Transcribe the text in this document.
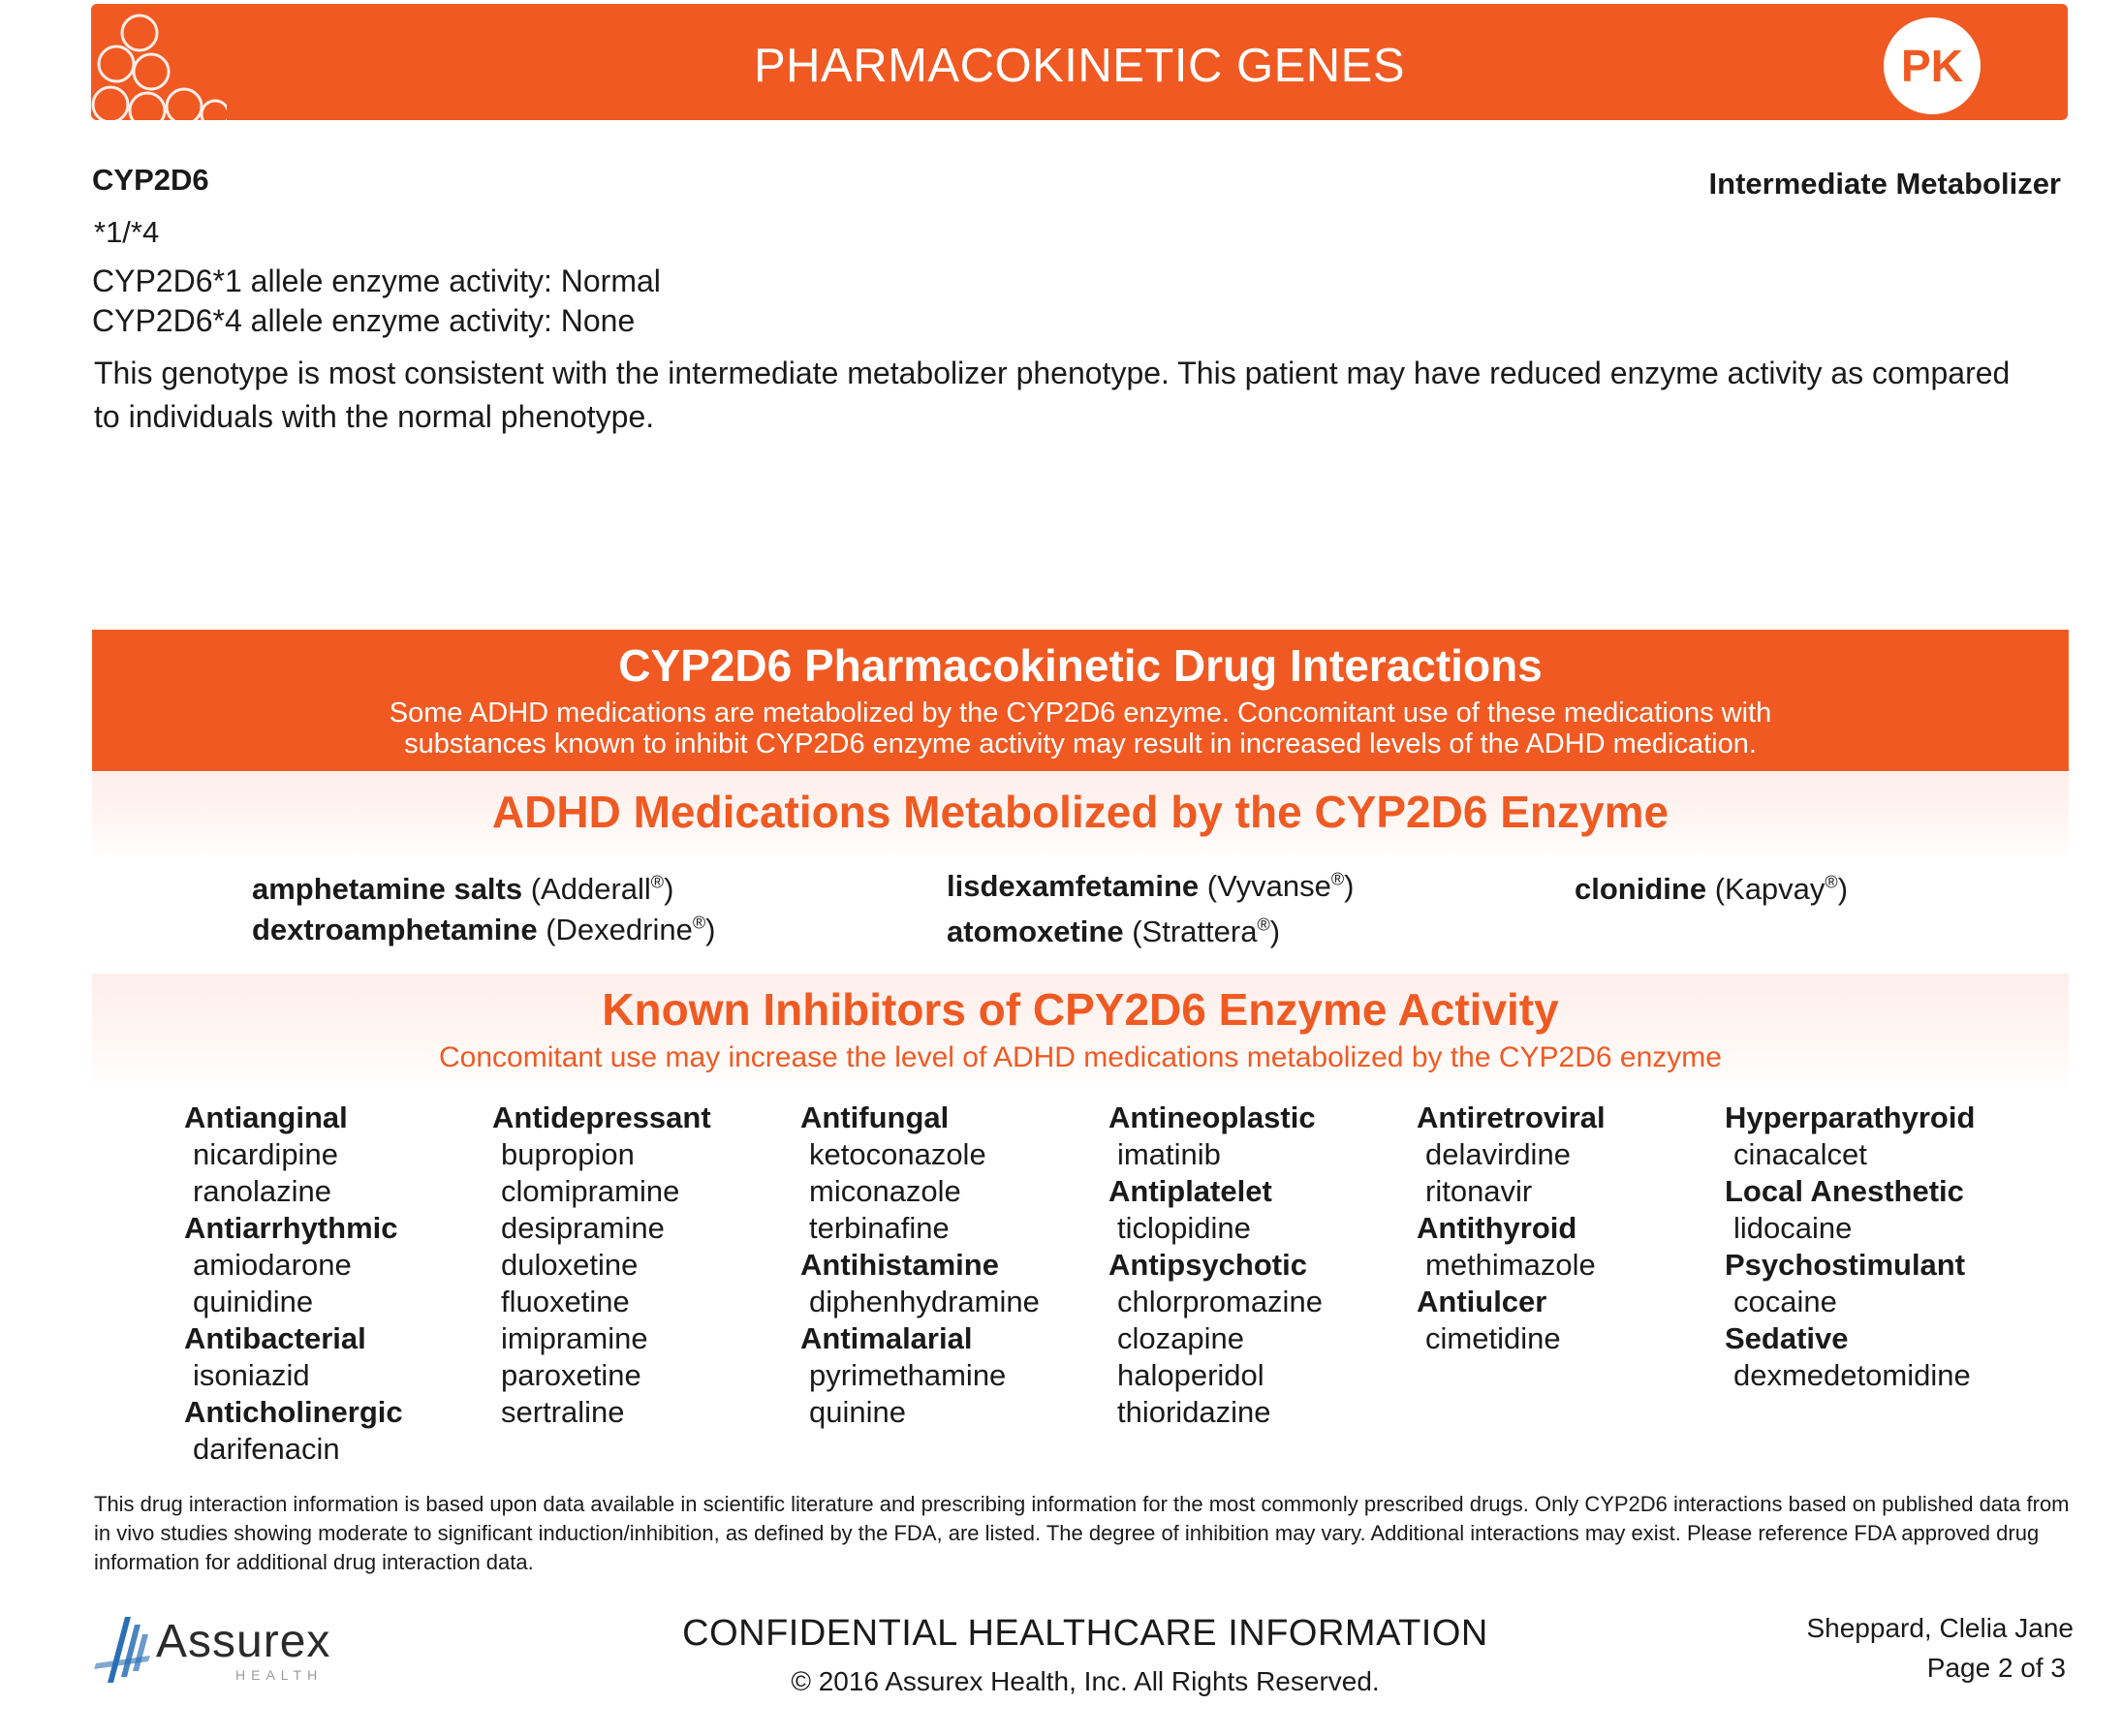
PHARMACOKINETIC GENES	PK
CYP2D6	Intermediate Metabolizer
*1/*4
CYP2D6*1 allele enzyme activity: Normal
CYP2D6*4 allele enzyme activity: None
This genotype is most consistent with the intermediate metabolizer phenotype. This patient may have reduced enzyme activity as compared to individuals with the normal phenotype.
CYP2D6 Pharmacokinetic Drug Interactions
Some ADHD medications are metabolized by the CYP2D6 enzyme. Concomitant use of these medications with
substances known to inhibit CYP2D6 enzyme activity may result in increased levels of the ADHD medication.
ADHD Medications Metabolized by the CYP2D6 Enzyme
amphetamine salts (Adderall®)
dextroamphetamine (Dexedrine®)
lisdexamfetamine (Vyvanse®)
atomoxetine (Strattera®)
clonidine (Kapvay®)
Known Inhibitors of CPY2D6 Enzyme Activity
Concomitant use may increase the level of ADHD medications metabolized by the CYP2D6 enzyme
Antianginal
nicardipine
ranolazine
Antiarrhythmic
amiodarone
quinidine
Antibacterial
isoniazid
Anticholinergic
darifenacin
Antidepressant
bupropion
clomipramine
desipramine
duloxetine
fluoxetine
imipramine
paroxetine
sertraline
Antifungal
ketoconazole
miconazole
terbinafine
Antihistamine
diphenhydramine
Antimalarial
pyrimethamine
quinine
Antineoplastic
imatinib
Antiplatelet
ticlopidine
Antipsychotic
chlorpromazine
clozapine
haloperidol
thioridazine
Antiretroviral
delavirdine
ritonavir
Antithyroid
methimazole
Antiulcer
cimetidine
Hyperparathyroid
cinacalcet
Local Anesthetic
lidocaine
Psychostimulant
cocaine
Sedative
dexmedetomidine
This drug interaction information is based upon data available in scientific literature and prescribing information for the most commonly prescribed drugs. Only CYP2D6 interactions based on published data from in vivo studies showing moderate to significant induction/inhibition, as defined by the FDA, are listed. The degree of inhibition may vary. Additional interactions may exist. Please reference FDA approved drug information for additional drug interaction data.
Assurex
HEALTH
CONFIDENTIAL HEALTHCARE INFORMATION
© 2016 Assurex Health, Inc. All Rights Reserved.
Sheppard, Clelia Jane
Page 2 of 3
